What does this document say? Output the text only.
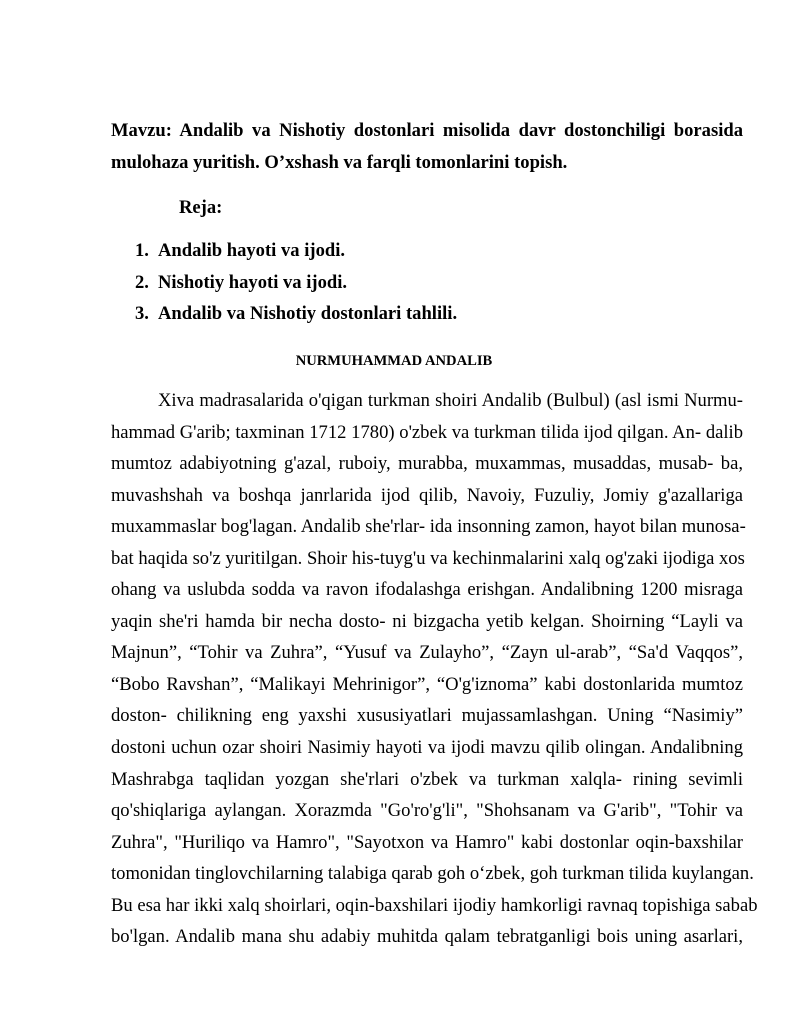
Mavzu: Andalib va Nishotiy dostonlari misolida davr dostonchiligi borasida mulohaza yuritish. O’xshash va farqli tomonlarini topish.

Reja:

1. Andalib hayoti va ijodi.
2. Nishotiy hayoti va ijodi.
3. Andalib va Nishotiy dostonlari tahlili.

NURMUHAMMAD ANDALIB

Xiva madrasalarida o'qigan turkman shoiri Andalib (Bulbul) (asl ismi Nurmu-
hammad G'arib; taxminan 1712 1780) o'zbek va turkman tilida ijod qilgan. An- dalib
mumtoz adabiyotning g'azal, ruboiy, murabba, muxammas, musaddas, musab- ba,
muvashshah va boshqa janrlarida ijod qilib, Navoiy, Fuzuliy, Jomiy g'azallariga
muxammaslar bog'lagan. Andalib she'rlar- ida insonning zamon, hayot bilan munosa-
bat haqida so'z yuritilgan. Shoir his-tuyg'u va kechinmalarini xalq og'zaki ijodiga xos
ohang va uslubda sodda va ravon ifodalashga erishgan. Andalibning 1200 misraga
yaqin she'ri hamda bir necha dosto- ni bizgacha yetib kelgan. Shoirning “Layli va
Majnun”, “Tohir va Zuhra”, “Yusuf va Zulayho”, “Zayn ul-arab”, “Sa'd Vaqqos”,
“Bobo Ravshan”, “Malikayi Mehrinigor”, “O'g'iznoma” kabi dostonlarida mumtoz
doston- chilikning eng yaxshi xususiyatlari mujassamlashgan. Uning “Nasimiy”
dostoni uchun ozar shoiri Nasimiy hayoti va ijodi mavzu qilib olingan. Andalibning
Mashrabga taqlidan yozgan she'rlari o'zbek va turkman xalqla- rining sevimli
qo'shiqlariga aylangan. Xorazmda "Go'ro'g'li", "Shohsanam va G'arib", "Tohir va
Zuhra", "Huriliqo va Hamro", "Sayotxon va Hamro" kabi dostonlar oqin-baxshilar
tomonidan tinglovchilarning talabiga qarab goh o‘zbek, goh turkman tilida kuylangan.
Bu esa har ikki xalq shoirlari, oqin-baxshilari ijodiy hamkorligi ravnaq topishiga sabab
bo'lgan. Andalib mana shu adabiy muhitda qalam tebratganligi bois uning asarlari,
